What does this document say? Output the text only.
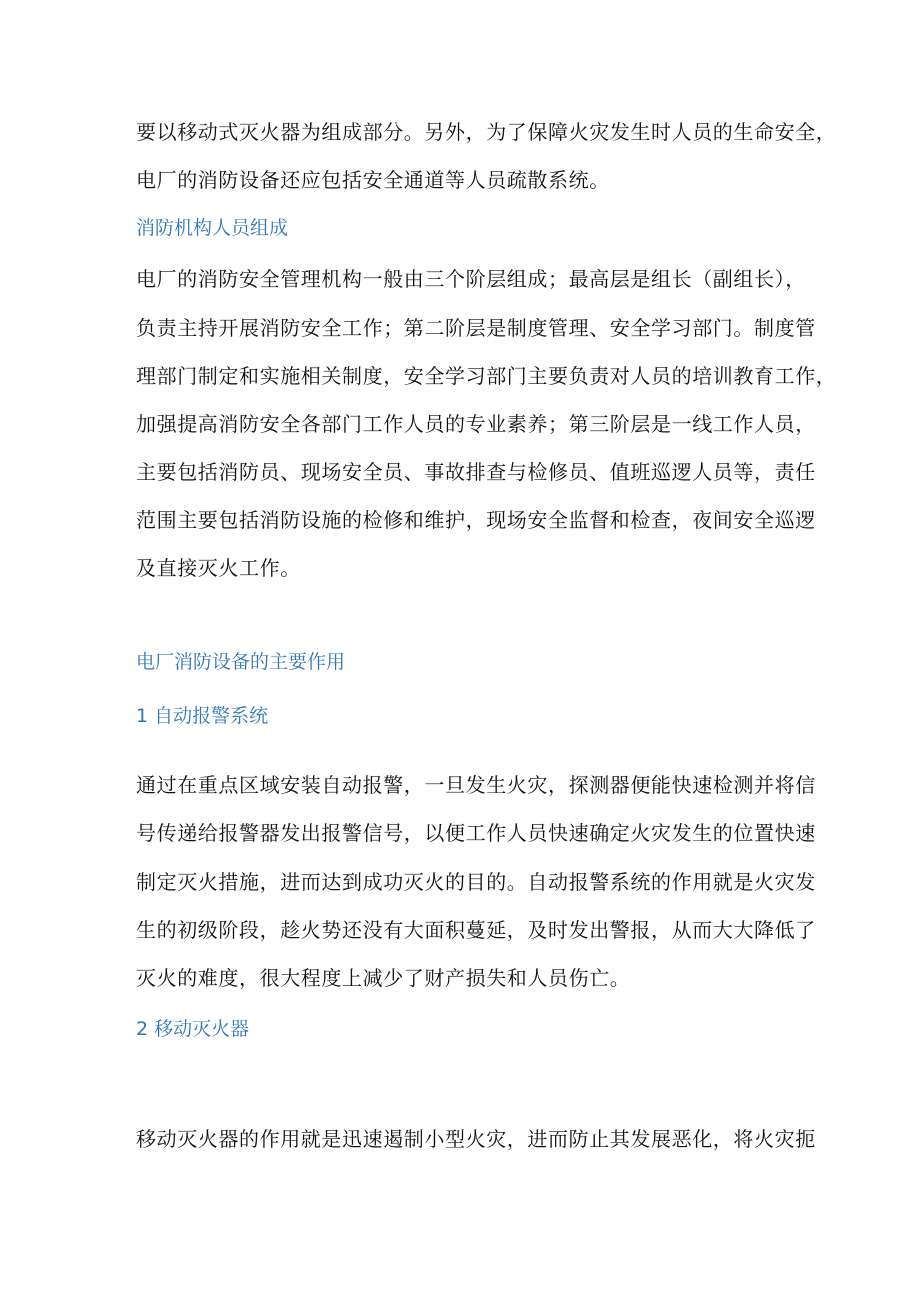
要以移动式灭火器为组成部分。另外，为了保障火灾发生时人员的生命安全，
电厂的消防设备还应包括安全通道等人员疏散系统。
消防机构人员组成
电厂的消防安全管理机构一般由三个阶层组成；最高层是组长（副组长），
负责主持开展消防安全工作；第二阶层是制度管理、安全学习部门。制度管
理部门制定和实施相关制度，安全学习部门主要负责对人员的培训教育工作，
加强提高消防安全各部门工作人员的专业素养；第三阶层是一线工作人员，
主要包括消防员、现场安全员、事故排查与检修员、值班巡逻人员等，责任
范围主要包括消防设施的检修和维护，现场安全监督和检查，夜间安全巡逻
及直接灭火工作。
电厂消防设备的主要作用
1 自动报警系统
通过在重点区域安装自动报警，一旦发生火灾，探测器便能快速检测并将信
号传递给报警器发出报警信号，以便工作人员快速确定火灾发生的位置快速
制定灭火措施，进而达到成功灭火的目的。自动报警系统的作用就是火灾发
生的初级阶段，趁火势还没有大面积蔓延，及时发出警报，从而大大降低了
灭火的难度，很大程度上减少了财产损失和人员伤亡。
2 移动灭火器
移动灭火器的作用就是迅速遏制小型火灾，进而防止其发展恶化，将火灾扼
